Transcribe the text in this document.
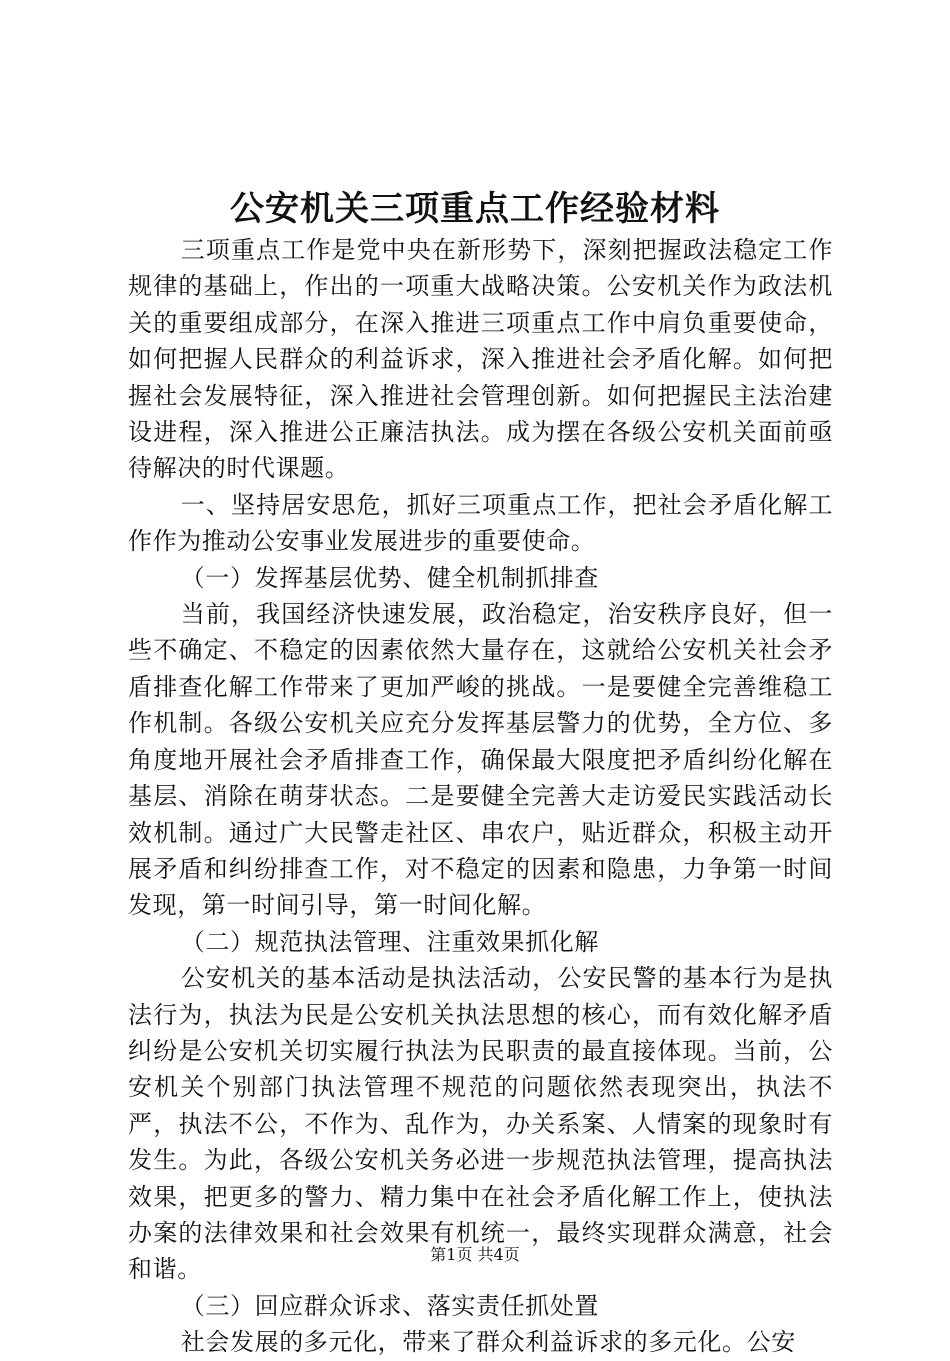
公安机关三项重点工作经验材料

三项重点工作是党中央在新形势下，深刻把握政法稳定工作规律的基础上，作出的一项重大战略决策。公安机关作为政法机关的重要组成部分，在深入推进三项重点工作中肩负重要使命，如何把握人民群众的利益诉求，深入推进社会矛盾化解。如何把握社会发展特征，深入推进社会管理创新。如何把握民主法治建设进程，深入推进公正廉洁执法。成为摆在各级公安机关面前亟待解决的时代课题。

一、坚持居安思危，抓好三项重点工作，把社会矛盾化解工作作为推动公安事业发展进步的重要使命。

（一）发挥基层优势、健全机制抓排查

当前，我国经济快速发展，政治稳定，治安秩序良好，但一些不确定、不稳定的因素依然大量存在，这就给公安机关社会矛盾排查化解工作带来了更加严峻的挑战。一是要健全完善维稳工作机制。各级公安机关应充分发挥基层警力的优势，全方位、多角度地开展社会矛盾排查工作，确保最大限度把矛盾纠纷化解在基层、消除在萌芽状态。二是要健全完善大走访爱民实践活动长效机制。通过广大民警走社区、串农户，贴近群众，积极主动开展矛盾和纠纷排查工作，对不稳定的因素和隐患，力争第一时间发现，第一时间引导，第一时间化解。

（二）规范执法管理、注重效果抓化解

公安机关的基本活动是执法活动，公安民警的基本行为是执法行为，执法为民是公安机关执法思想的核心，而有效化解矛盾纠纷是公安机关切实履行执法为民职责的最直接体现。当前，公安机关个别部门执法管理不规范的问题依然表现突出，执法不严，执法不公，不作为、乱作为，办关系案、人情案的现象时有发生。为此，各级公安机关务必进一步规范执法管理，提高执法效果，把更多的警力、精力集中在社会矛盾化解工作上，使执法办案的法律效果和社会效果有机统一，最终实现群众满意，社会和谐。

（三）回应群众诉求、落实责任抓处置

社会发展的多元化，带来了群众利益诉求的多元化。公安

第1页 共4页
